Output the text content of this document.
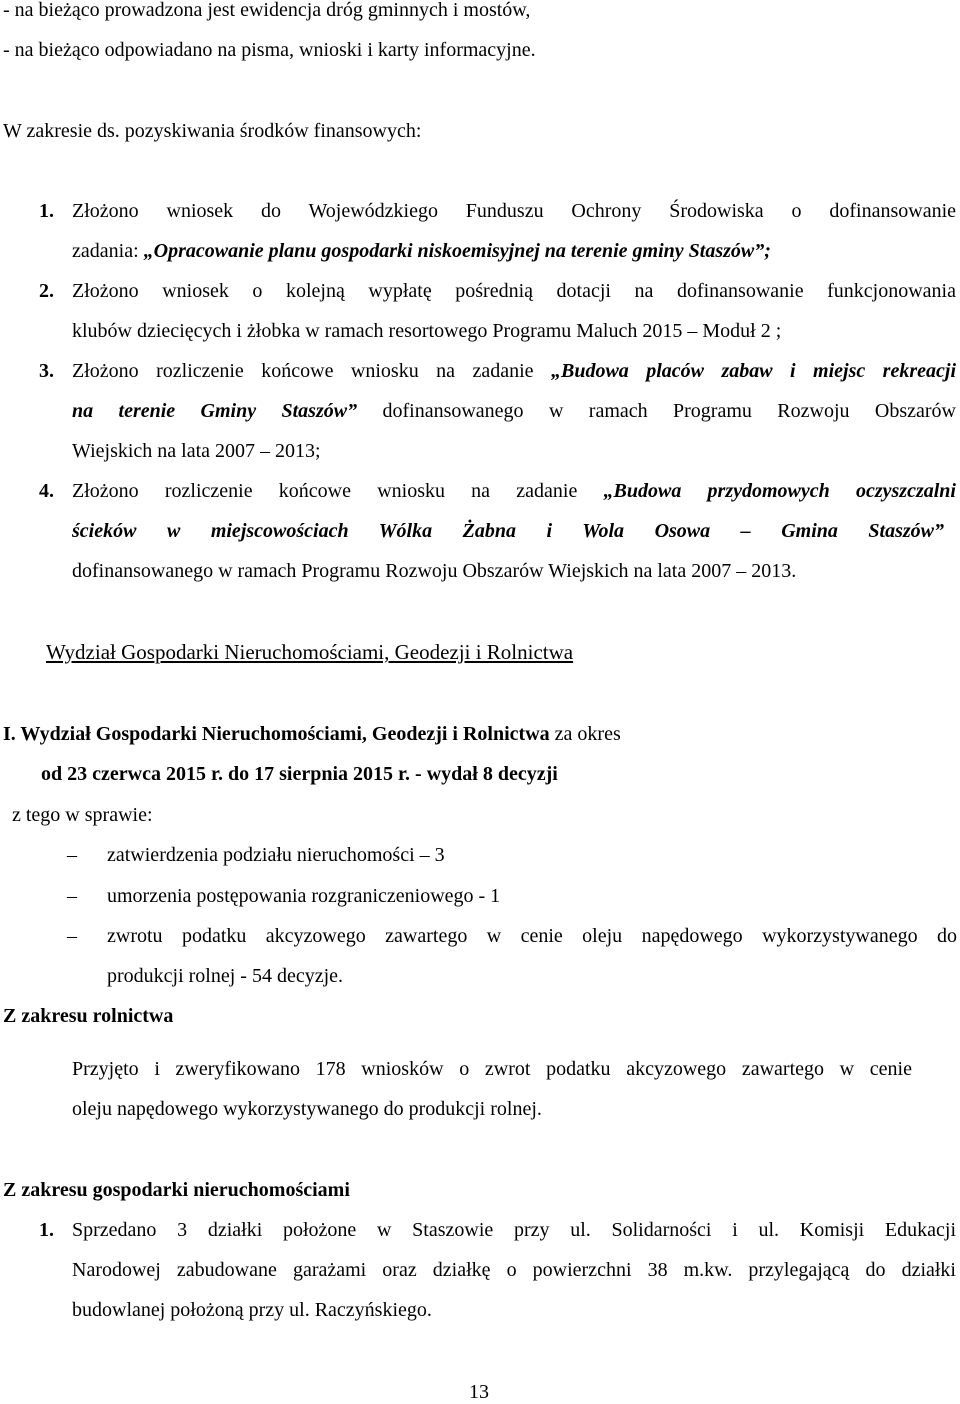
- na bieżąco prowadzona jest ewidencja dróg gminnych i mostów,
- na bieżąco odpowiadano na pisma, wnioski i karty informacyjne.
W zakresie ds. pozyskiwania środków finansowych:
1. Złożono wniosek do Wojewódzkiego Funduszu Ochrony Środowiska o dofinansowanie
zadania: „Opracowanie planu gospodarki niskoemisyjnej na terenie gminy Staszów”;
2. Złożono wniosek o kolejną wypłatę pośrednią dotacji na dofinansowanie funkcjonowania
klubów dziecięcych i żłobka w ramach resortowego Programu Maluch 2015 – Moduł 2 ;
3. Złożono rozliczenie końcowe wniosku na zadanie „Budowa placów zabaw i miejsc rekreacji
na terenie Gminy Staszów” dofinansowanego w ramach Programu Rozwoju Obszarów
Wiejskich na lata 2007 – 2013;
4. Złożono rozliczenie końcowe wniosku na zadanie „Budowa przydomowych oczyszczalni
ścieków w miejscowościach Wólka Żabna i Wola Osowa – Gmina Staszów”
dofinansowanego w ramach Programu Rozwoju Obszarów Wiejskich na lata 2007 – 2013.
Wydział Gospodarki Nieruchomościami, Geodezji i Rolnictwa
I. Wydział Gospodarki Nieruchomościami, Geodezji i Rolnictwa za okres
od 23 czerwca 2015 r. do 17 sierpnia 2015 r. - wydał 8 decyzji
z tego w sprawie:
– zatwierdzenia podziału nieruchomości – 3
– umorzenia postępowania rozgraniczeniowego - 1
– zwrotu podatku akcyzowego zawartego w cenie oleju napędowego wykorzystywanego do
produkcji rolnej - 54 decyzje.
Z zakresu rolnictwa
Przyjęto i zweryfikowano 178 wniosków o zwrot podatku akcyzowego zawartego w cenie
oleju napędowego wykorzystywanego do produkcji rolnej.
Z zakresu gospodarki nieruchomościami
1. Sprzedano 3 działki położone w Staszowie przy ul. Solidarności i ul. Komisji Edukacji
Narodowej zabudowane garażami oraz działkę o powierzchni 38 m.kw. przylegającą do działki
budowlanej położoną przy ul. Raczyńskiego.
13
